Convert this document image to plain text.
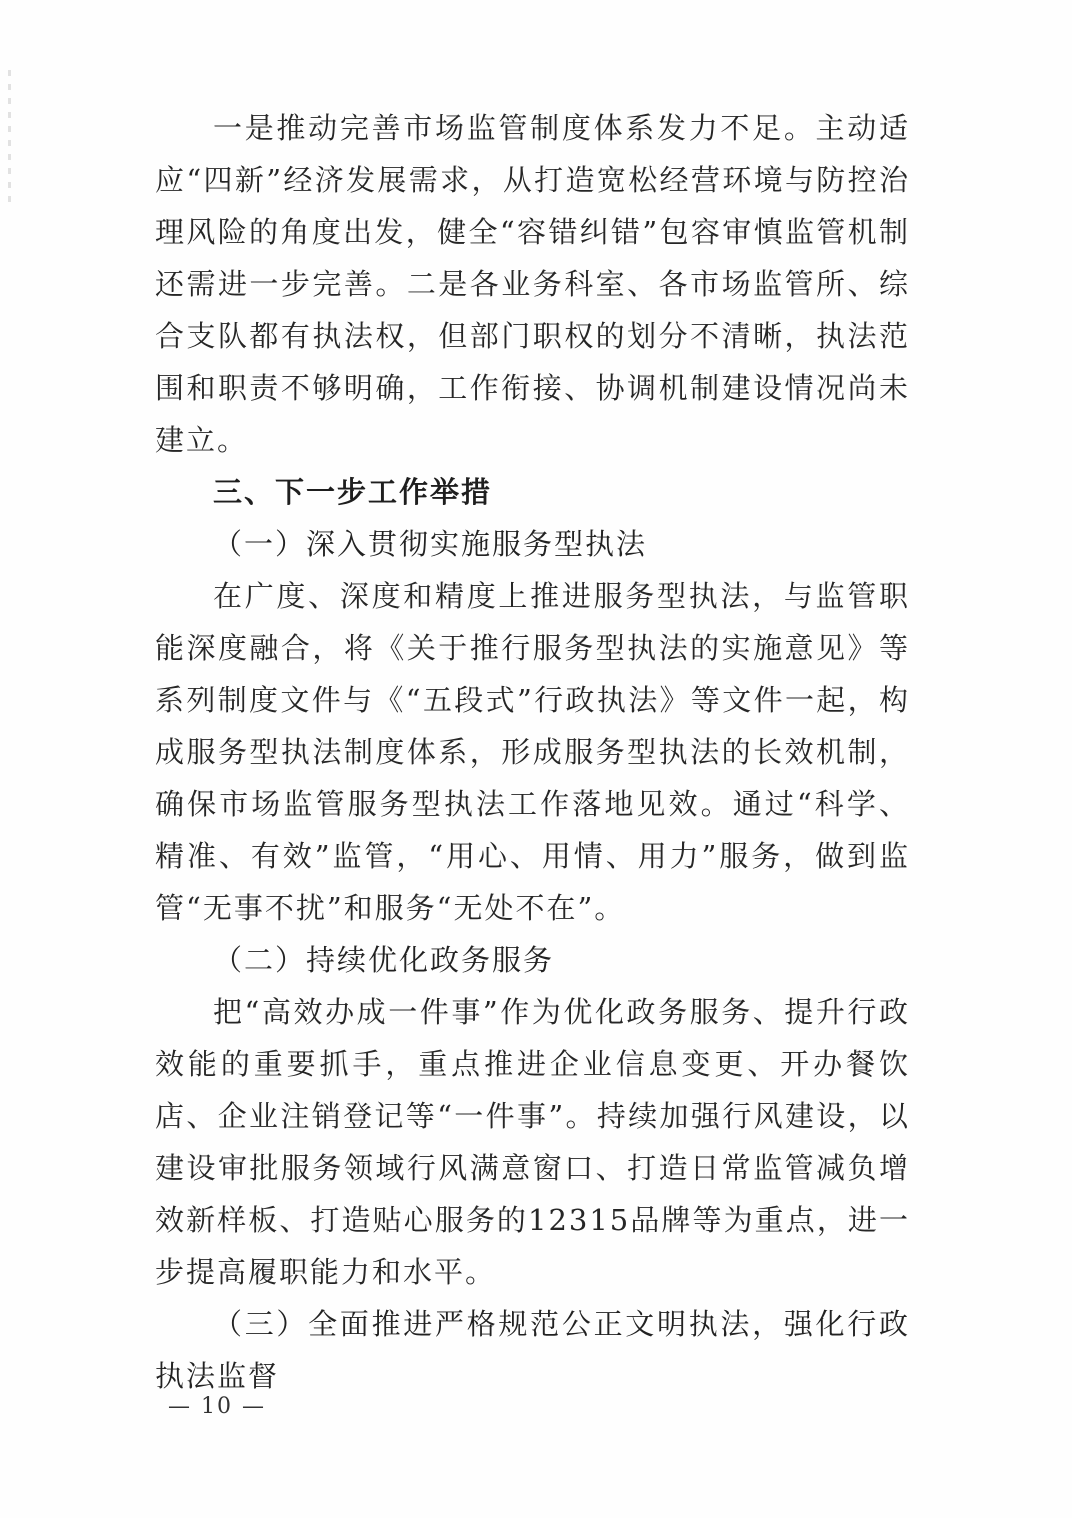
一是推动完善市场监管制度体系发力不足。主动适应“四新”经济发展需求，从打造宽松经营环境与防控治理风险的角度出发，健全“容错纠错”包容审慎监管机制还需进一步完善。二是各业务科室、各市场监管所、综合支队都有执法权，但部门职权的划分不清晰，执法范围和职责不够明确，工作衔接、协调机制建设情况尚未建立。

三、下一步工作举措

（一）深入贯彻实施服务型执法

在广度、深度和精度上推进服务型执法，与监管职能深度融合，将《关于推行服务型执法的实施意见》等系列制度文件与《“五段式”行政执法》等文件一起，构成服务型执法制度体系，形成服务型执法的长效机制，确保市场监管服务型执法工作落地见效。通过“科学、精准、有效”监管，“用心、用情、用力”服务，做到监管“无事不扰”和服务“无处不在”。

（二）持续优化政务服务

把“高效办成一件事”作为优化政务服务、提升行政效能的重要抓手，重点推进企业信息变更、开办餐饮店、企业注销登记等“一件事”。持续加强行风建设，以建设审批服务领域行风满意窗口、打造日常监管减负增效新样板、打造贴心服务的12315品牌等为重点，进一步提高履职能力和水平。

（三）全面推进严格规范公正文明执法，强化行政执法监督

— 10 —
